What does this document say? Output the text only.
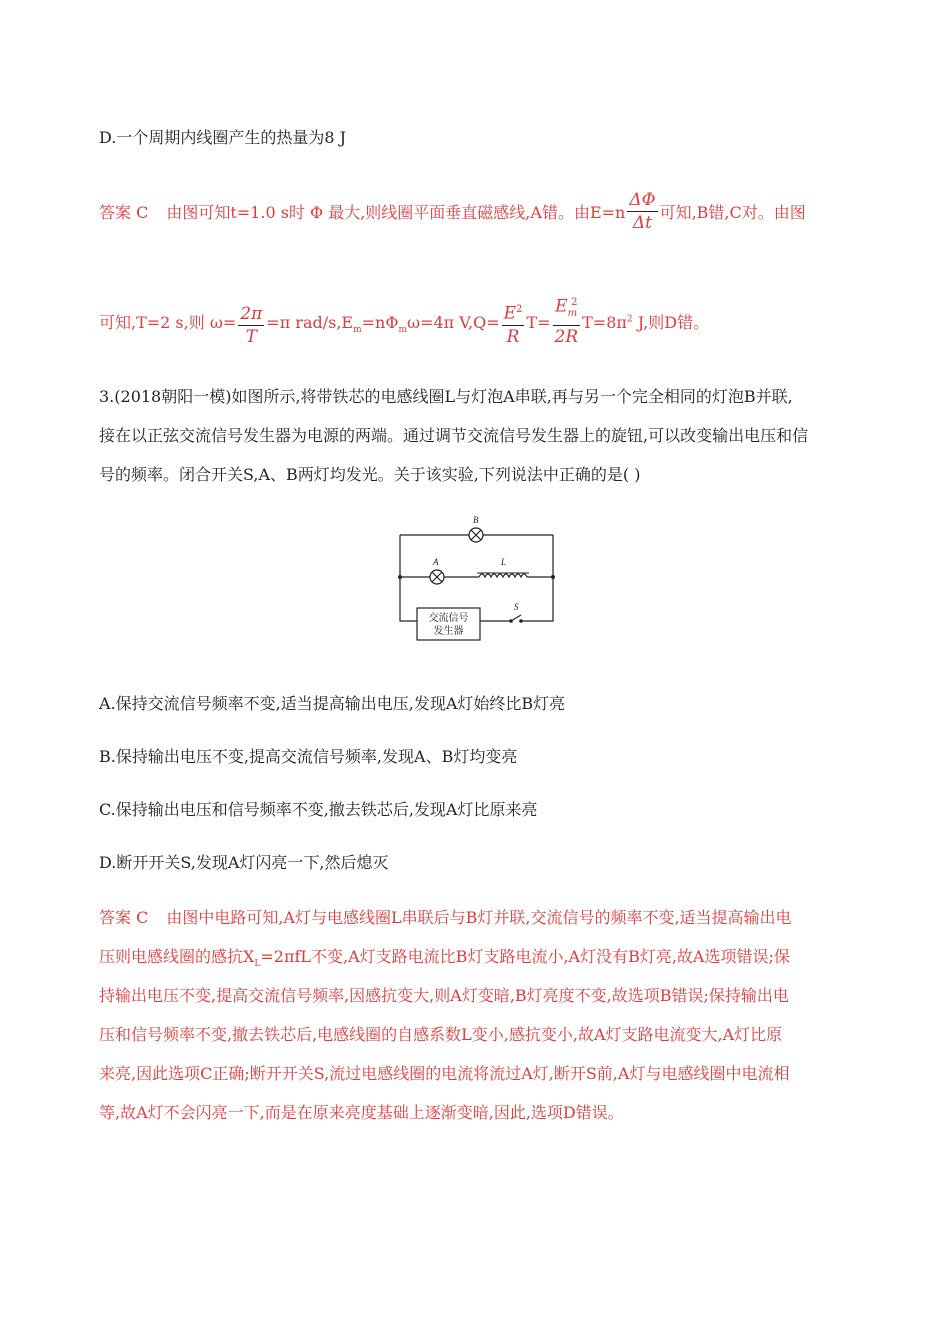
D.一个周期内线圈产生的热量为8 J
答案 C 由图可知t=1.0 s时 Φ 最大,则线圈平面垂直磁感线,A错。由$E=n \frac{\Delta\Phi}{\Delta t}$ 可知,B错,C对。由图
可知,T=2 s,则 $\omega= \frac{2\pi}{T} =\pi$ rad/$s,E_m=n\Phi_m\omega=4\pi$ $V,Q= \frac{E^2}{R} T= \frac{E_m^2}{2R} T=8\pi^2$ J,则D错。
3.(2018朝阳一模)如图所示,将带铁芯的电感线圈L与灯泡A串联,再与另一个完全相同的灯泡B并联,
接在以正弦交流信号发生器为电源的两端。通过调节交流信号发生器上的旋钮,可以改变输出电压和信
号的频率。闭合开关S,A、B两灯均发光。关于该实验,下列说法中正确的是( )
B
A	L
S
交流信号
发生器
A.保持交流信号频率不变,适当提高输出电压,发现A灯始终比B灯亮
B.保持输出电压不变,提高交流信号频率,发现A、B灯均变亮
C.保持输出电压和信号频率不变,撤去铁芯后,发现A灯比原来亮
D.断开开关S,发现A灯闪亮一下,然后熄灭
答案 C 由图中电路可知,A灯与电感线圈L串联后与B灯并联,交流信号的频率不变,适当提高输出电
压则电感线圈的感抗$X_L=2\pi fL$不变,A灯支路电流比B灯支路电流小,A灯没有B灯亮,故A选项错误;保
持输出电压不变,提高交流信号频率,因感抗变大,则A灯变暗,B灯亮度不变,故选项B错误;保持输出电
压和信号频率不变,撤去铁芯后,电感线圈的自感系数L变小,感抗变小,故A灯支路电流变大,A灯比原
来亮,因此选项C正确;断开开关S,流过电感线圈的电流将流过A灯,断开S前,A灯与电感线圈中电流相
等,故A灯不会闪亮一下,而是在原来亮度基础上逐渐变暗,因此,选项D错误。
